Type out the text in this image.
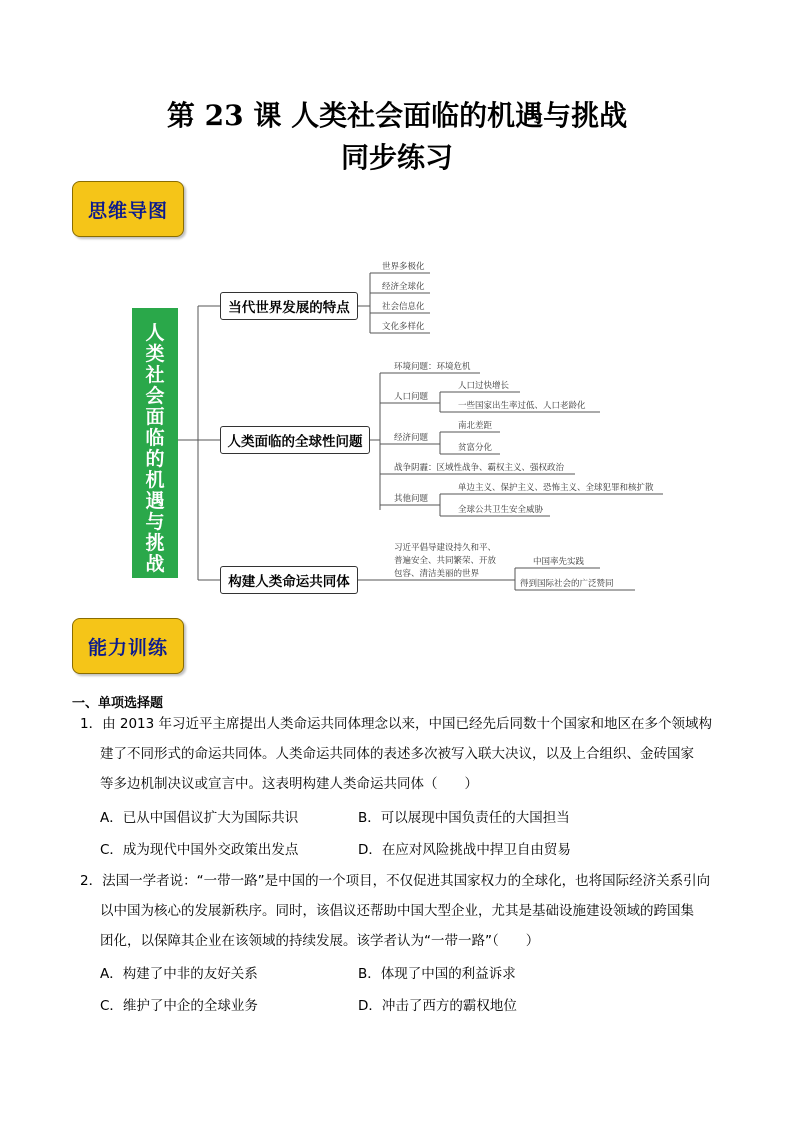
第 23 课 人类社会面临的机遇与挑战
同步练习
思维导图
人
类
社
会
面
临
的
机
遇
与
挑
战
当代世界发展的特点
人类面临的全球性问题
构建人类命运共同体
世界多极化
经济全球化
社会信息化
文化多样化
环境问题：环境危机
人口问题
人口过快增长
一些国家出生率过低、人口老龄化
经济问题
南北差距
贫富分化
战争阴霾：区域性战争、霸权主义、强权政治
其他问题
单边主义、保护主义、恐怖主义、全球犯罪和核扩散
全球公共卫生安全威胁
习近平倡导建设持久和平、
普遍安全、共同繁荣、开放
包容、清洁美丽的世界
中国率先实践
得到国际社会的广泛赞同
能力训练
一、单项选择题
1．由 2013 年习近平主席提出人类命运共同体理念以来，中国已经先后同数十个国家和地区在多个领域构
建了不同形式的命运共同体。人类命运共同体的表述多次被写入联大决议，以及上合组织、金砖国家
等多边机制决议或宣言中。这表明构建人类命运共同体（　　）
A．已从中国倡议扩大为国际共识	B．可以展现中国负责任的大国担当
C．成为现代中国外交政策出发点	D．在应对风险挑战中捍卫自由贸易
2．法国一学者说：“一带一路”是中国的一个项目，不仅促进其国家权力的全球化，也将国际经济关系引向
以中国为核心的发展新秩序。同时，该倡议还帮助中国大型企业，尤其是基础设施建设领域的跨国集
团化，以保障其企业在该领域的持续发展。该学者认为“一带一路”（　　）
A．构建了中非的友好关系	B．体现了中国的利益诉求
C．维护了中企的全球业务	D．冲击了西方的霸权地位
